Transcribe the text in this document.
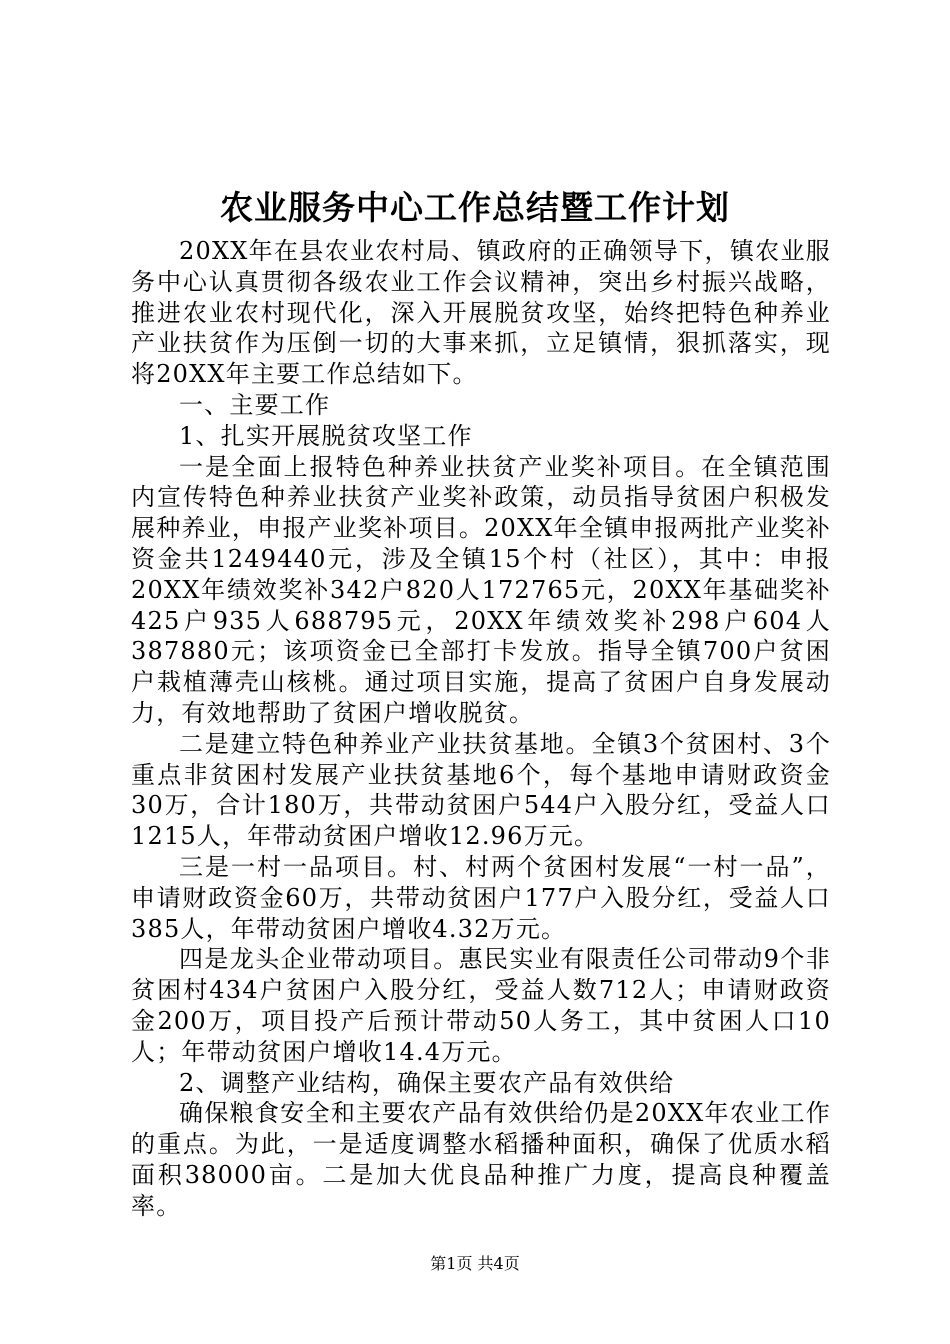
农业服务中心工作总结暨工作计划

20XX年在县农业农村局、镇政府的正确领导下，镇农业服务中心认真贯彻各级农业工作会议精神，突出乡村振兴战略，推进农业农村现代化，深入开展脱贫攻坚，始终把特色种养业产业扶贫作为压倒一切的大事来抓，立足镇情，狠抓落实，现将20XX年主要工作总结如下。

一、主要工作

1、扎实开展脱贫攻坚工作

一是全面上报特色种养业扶贫产业奖补项目。在全镇范围内宣传特色种养业扶贫产业奖补政策，动员指导贫困户积极发展种养业，申报产业奖补项目。20XX年全镇申报两批产业奖补资金共1249440元，涉及全镇15个村（社区），其中：申报20XX年绩效奖补342户820人172765元，20XX年基础奖补425户935人688795元，20XX年绩效奖补298户604人387880元；该项资金已全部打卡发放。指导全镇700户贫困户栽植薄壳山核桃。通过项目实施，提高了贫困户自身发展动力，有效地帮助了贫困户增收脱贫。

二是建立特色种养业产业扶贫基地。全镇3个贫困村、3个重点非贫困村发展产业扶贫基地6个，每个基地申请财政资金30万，合计180万，共带动贫困户544户入股分红，受益人口1215人，年带动贫困户增收12.96万元。

三是一村一品项目。村、村两个贫困村发展“一村一品”，申请财政资金60万，共带动贫困户177户入股分红，受益人口385人，年带动贫困户增收4.32万元。

四是龙头企业带动项目。惠民实业有限责任公司带动9个非贫困村434户贫困户入股分红，受益人数712人；申请财政资金200万，项目投产后预计带动50人务工，其中贫困人口10人；年带动贫困户增收14.4万元。

2、调整产业结构，确保主要农产品有效供给

确保粮食安全和主要农产品有效供给仍是20XX年农业工作的重点。为此，一是适度调整水稻播种面积，确保了优质水稻面积38000亩。二是加大优良品种推广力度，提高良种覆盖率。

第1页 共4页
